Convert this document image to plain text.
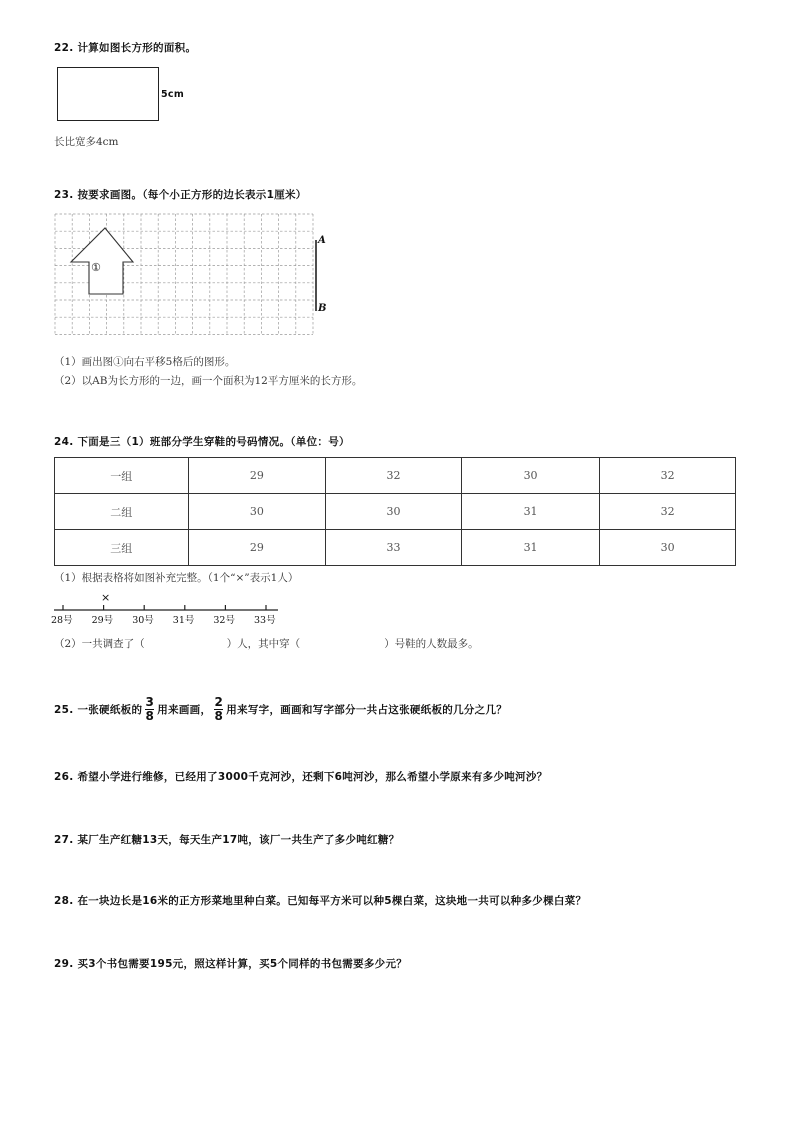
22. 计算如图长方形的面积。
5cm
长比宽多4cm
23. 按要求画图。（每个小正方形的边长表示1厘米）
①
A
B
（1）画出图①向右平移5格后的图形。
（2）以AB为长方形的一边，画一个面积为12平方厘米的长方形。
24. 下面是三（1）班部分学生穿鞋的号码情况。（单位：号）
一组	29	32	30	32
二组	30	30	31	32
三组	29	33	31	30
（1）根据表格将如图补充完整。（1个“×”表示1人）
×
28号 29号 30号 31号 32号 33号
（2）一共调查了（	）人，其中穿（	）号鞋的人数最多。
25. 一张硬纸板的 $\frac{3}{8}$ 用来画画， $\frac{2}{8}$ 用来写字，画画和写字部分一共占这张硬纸板的几分之几？
26. 希望小学进行维修，已经用了3000千克河沙，还剩下6吨河沙，那么希望小学原来有多少吨河沙？
27. 某厂生产红糖13天，每天生产17吨，该厂一共生产了多少吨红糖？
28. 在一块边长是16米的正方形菜地里种白菜。已知每平方米可以种5棵白菜，这块地一共可以种多少棵白菜？
29. 买3个书包需要195元，照这样计算，买5个同样的书包需要多少元？
